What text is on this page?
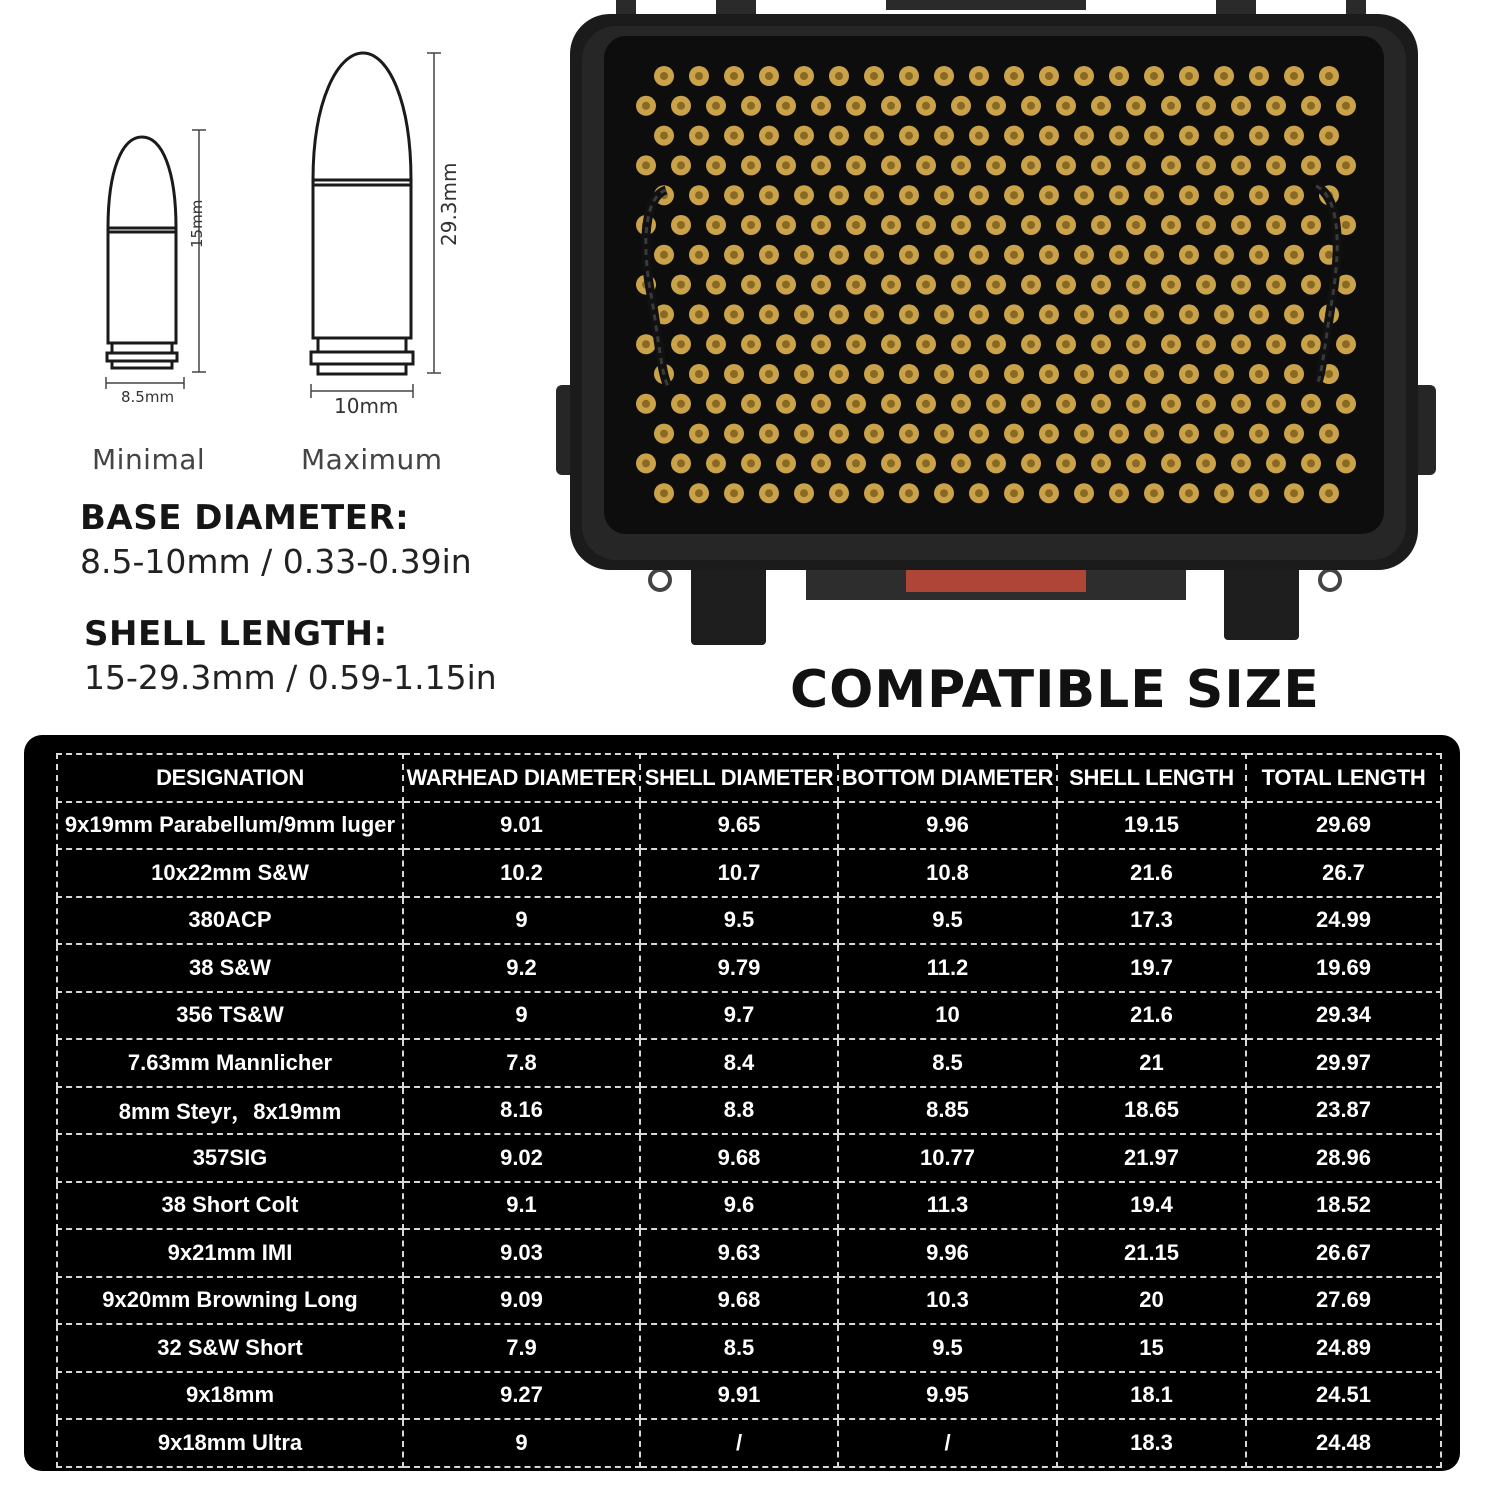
8.5mm
15mm
10mm
29.3mm
Minimal	Maximum
BASE DIAMETER:
8.5-10mm / 0.33-0.39in
SHELL LENGTH:
15-29.3mm / 0.59-1.15in	COMPATIBLE SIZE
DESIGNATION	WARHEAD DIAMETER	SHELL DIAMETER	BOTTOM DIAMETER	SHELL LENGTH	TOTAL LENGTH
9x19mm Parabellum/9mm luger	9.01	9.65	9.96	19.15	29.69
10x22mm S&W	10.2	10.7	10.8	21.6	26.7
380ACP	9	9.5	9.5	17.3	24.99
38 S&W	9.2	9.79	11.2	19.7	19.69
356 TS&W	9	9.7	10	21.6	29.34
7.63mm Mannlicher	7.8	8.4	8.5	21	29.97
8mm Steyr，8x19mm	8.16	8.8	8.85	18.65	23.87
357SIG	9.02	9.68	10.77	21.97	28.96
38 Short Colt	9.1	9.6	11.3	19.4	18.52
9x21mm IMI	9.03	9.63	9.96	21.15	26.67
9x20mm Browning Long	9.09	9.68	10.3	20	27.69
32 S&W Short	7.9	8.5	9.5	15	24.89
9x18mm	9.27	9.91	9.95	18.1	24.51
9x18mm Ultra	9	/	/	18.3	24.48
